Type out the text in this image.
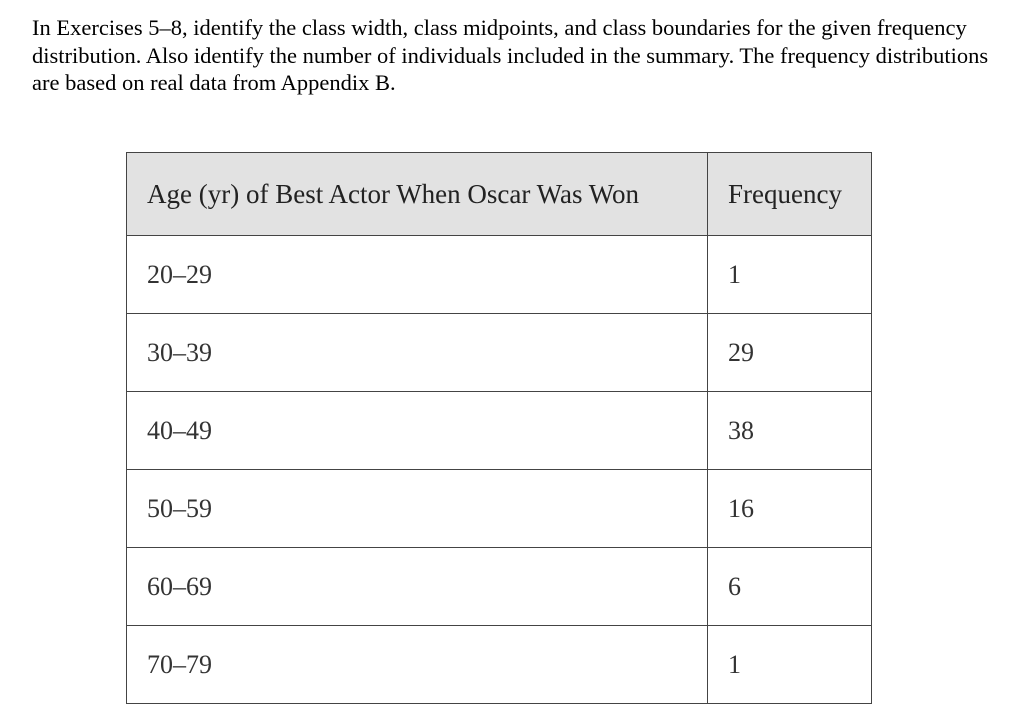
In Exercises 5–8, identify the class width, class midpoints, and class boundaries for the given frequency distribution. Also identify the number of individuals included in the summary. The frequency distributions are based on real data from Appendix B.

Age (yr) of Best Actor When Oscar Was Won	Frequency
20–29	1
30–39	29
40–49	38
50–59	16
60–69	6
70–79	1
